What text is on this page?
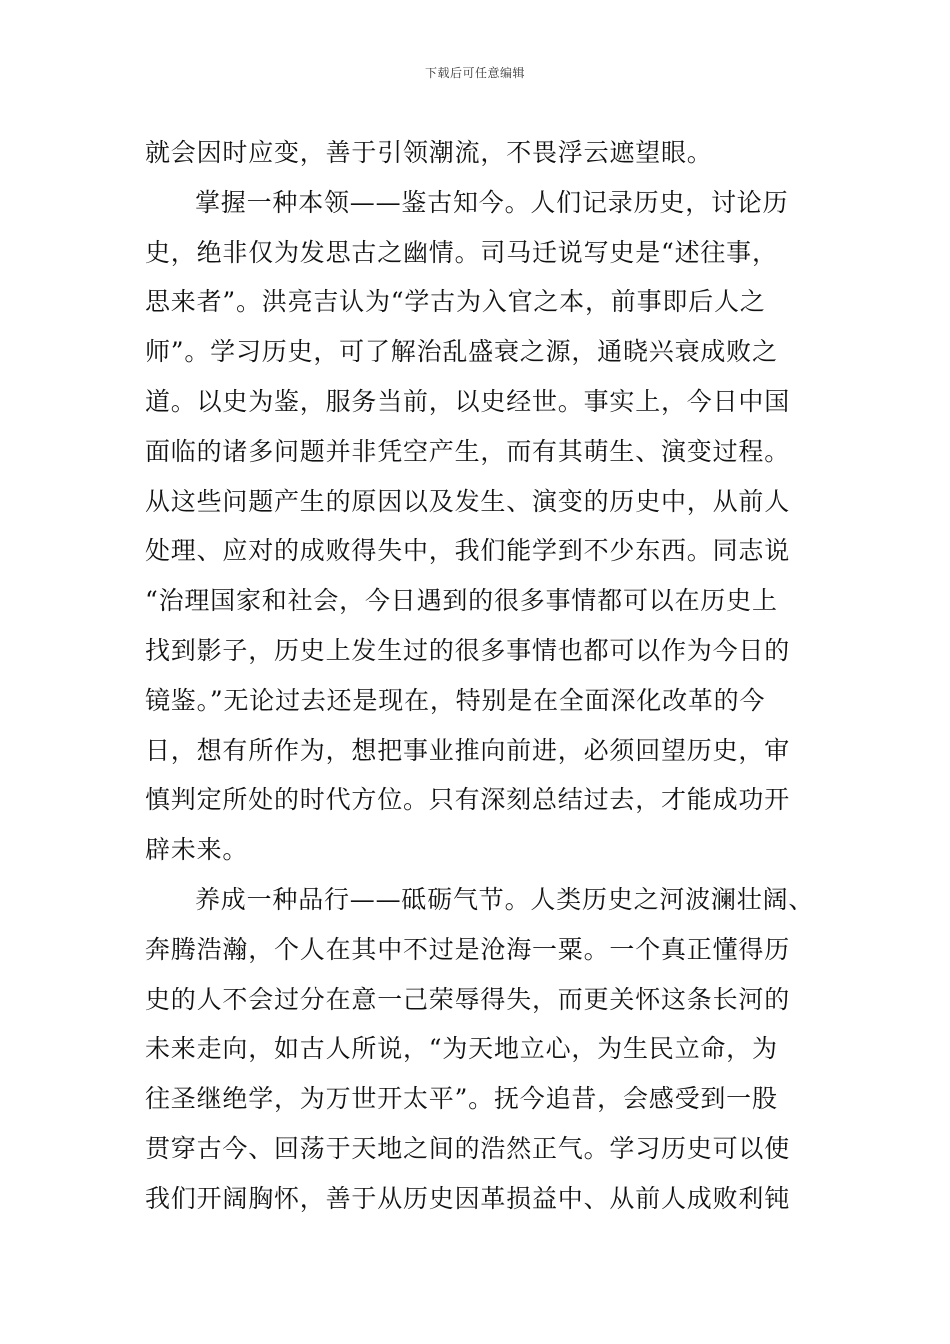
下载后可任意编辑
就会因时应变，善于引领潮流，不畏浮云遮望眼。
掌握一种本领——鉴古知今。人们记录历史，讨论历
史，绝非仅为发思古之幽情。司马迁说写史是“述往事，
思来者”。洪亮吉认为“学古为入官之本，前事即后人之
师”。学习历史，可了解治乱盛衰之源，通晓兴衰成败之
道。以史为鉴，服务当前，以史经世。事实上，今日中国
面临的诸多问题并非凭空产生，而有其萌生、演变过程。
从这些问题产生的原因以及发生、演变的历史中，从前人
处理、应对的成败得失中，我们能学到不少东西。同志说
“治理国家和社会，今日遇到的很多事情都可以在历史上
找到影子，历史上发生过的很多事情也都可以作为今日的
镜鉴。”无论过去还是现在，特别是在全面深化改革的今
日，想有所作为，想把事业推向前进，必须回望历史，审
慎判定所处的时代方位。只有深刻总结过去，才能成功开
辟未来。
养成一种品行——砥砺气节。人类历史之河波澜壮阔、
奔腾浩瀚，个人在其中不过是沧海一粟。一个真正懂得历
史的人不会过分在意一己荣辱得失，而更关怀这条长河的
未来走向，如古人所说，“为天地立心，为生民立命，为
往圣继绝学，为万世开太平”。抚今追昔，会感受到一股
贯穿古今、回荡于天地之间的浩然正气。学习历史可以使
我们开阔胸怀，善于从历史因革损益中、从前人成败利钝
